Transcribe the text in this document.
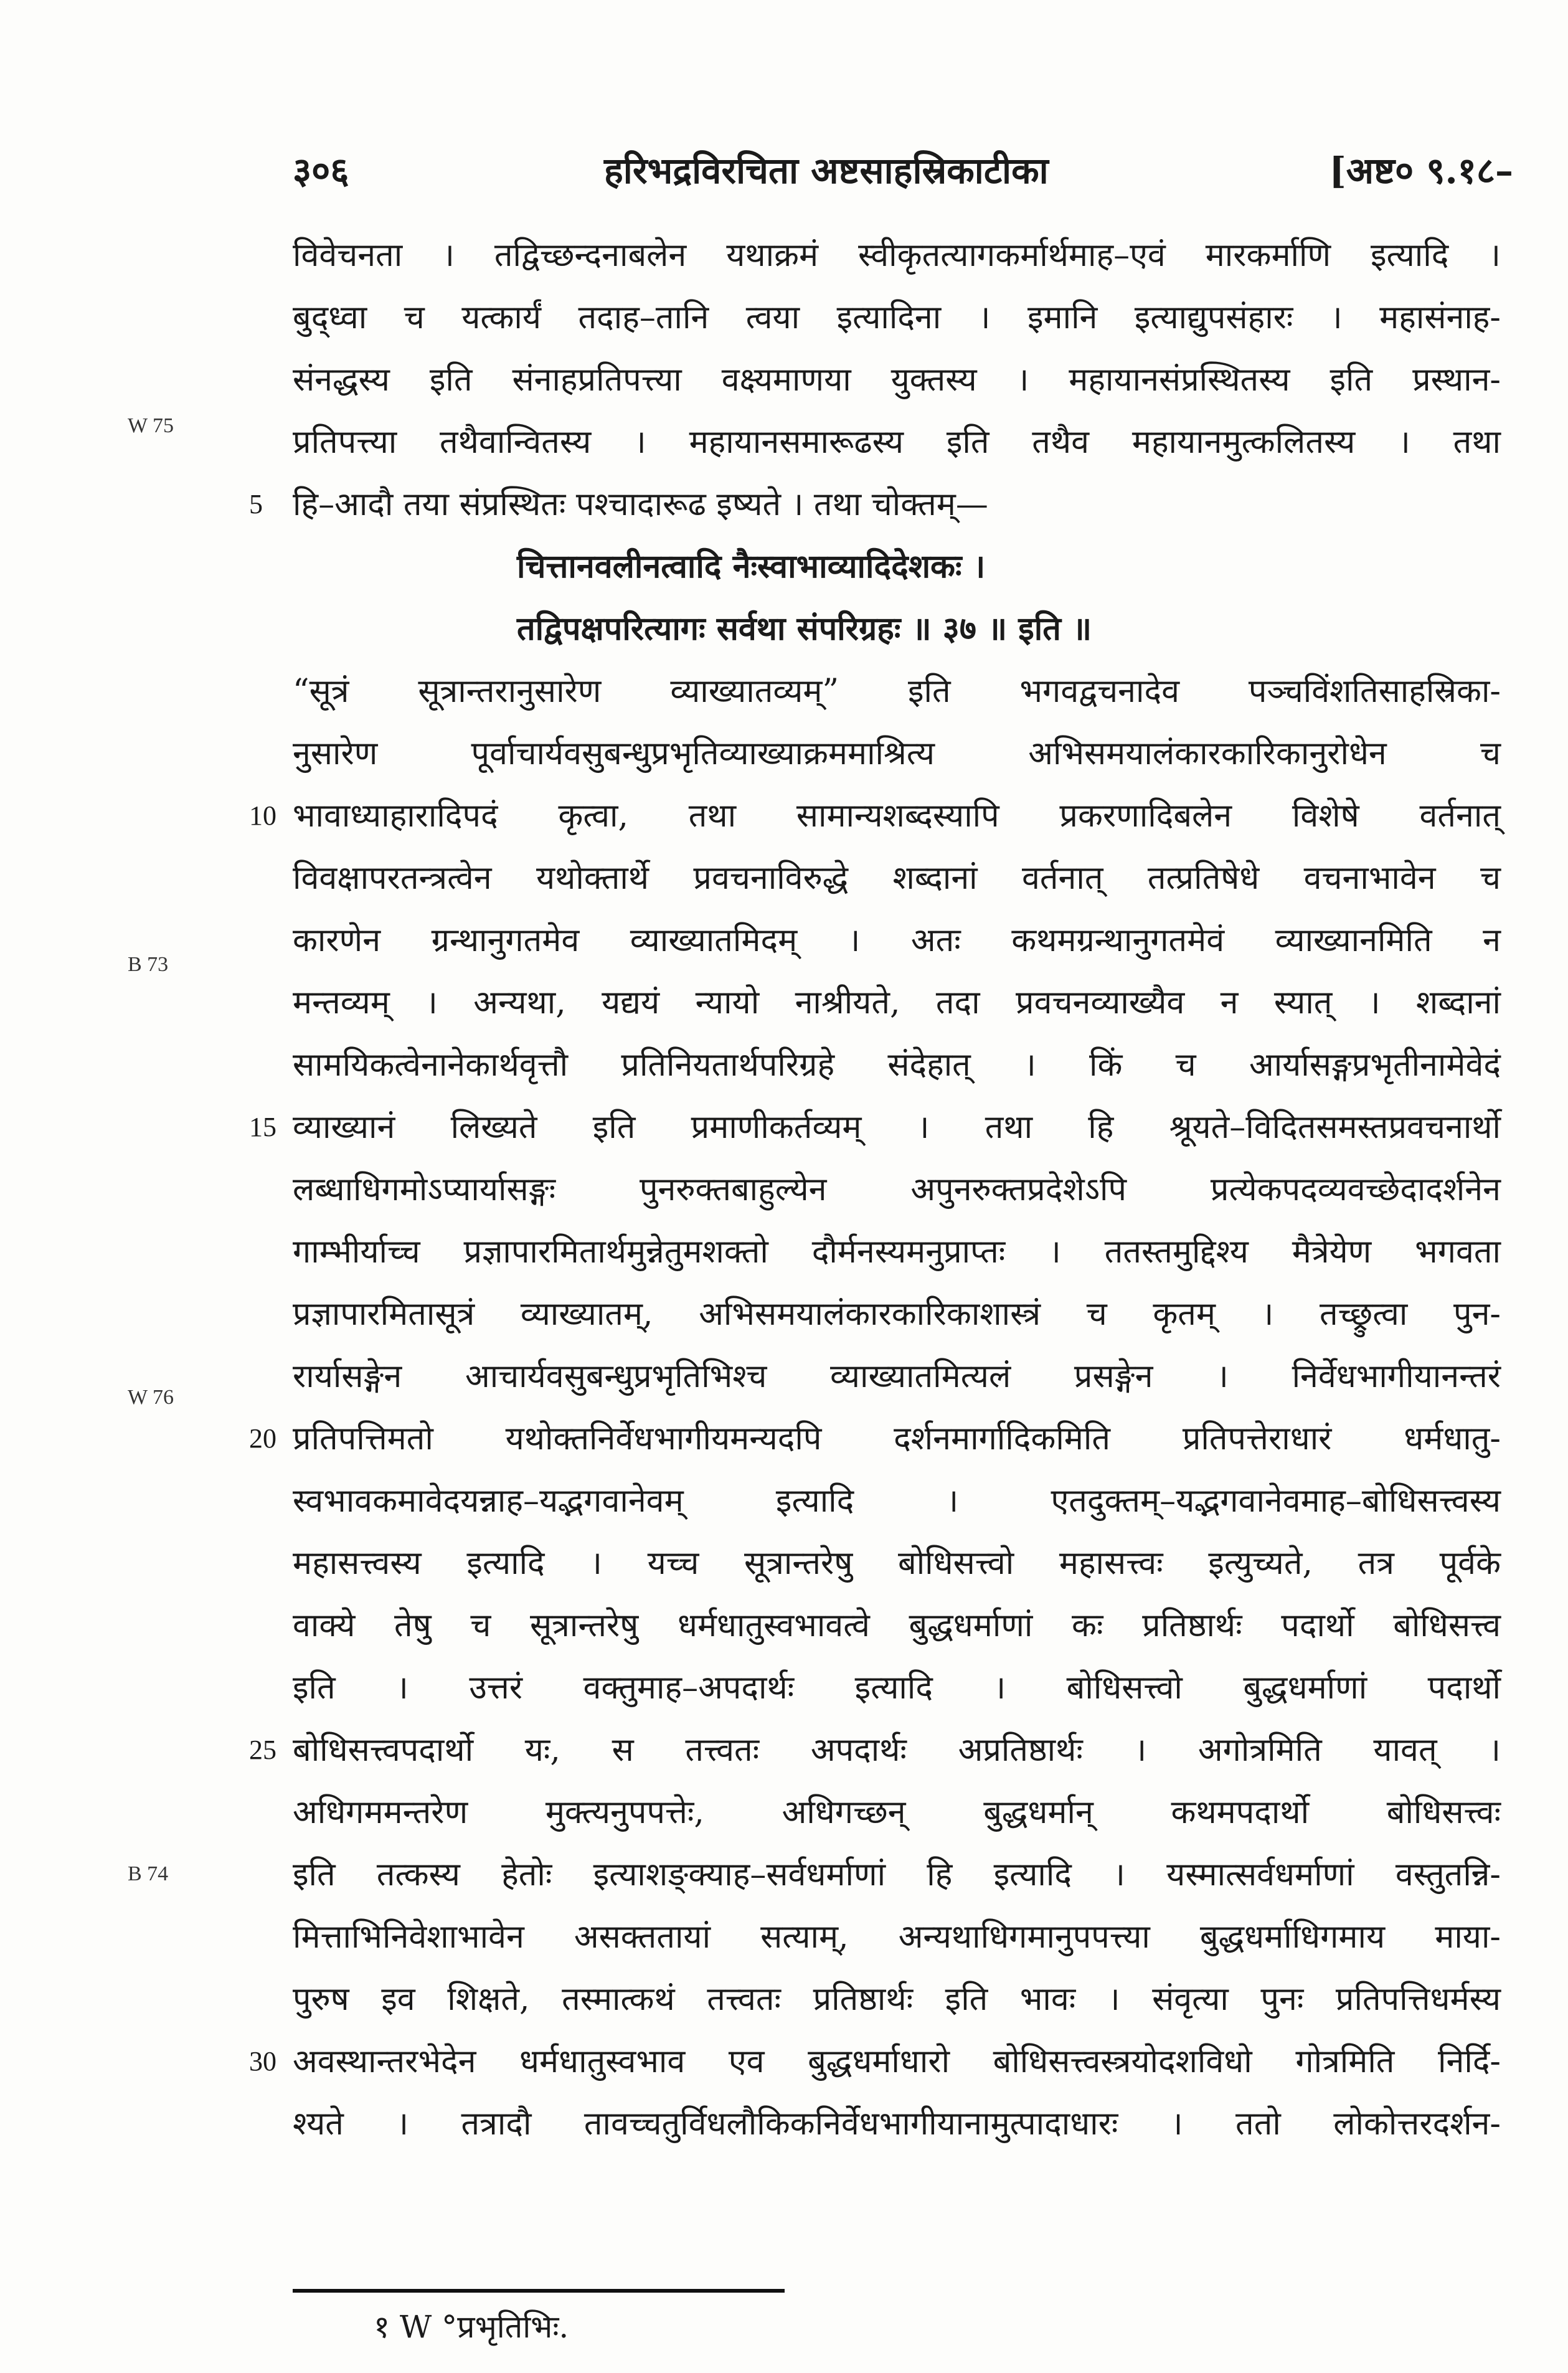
३०६	हरिभद्रविरचिता अष्टसाहस्रिकाटीका	[अष्ट० ९.१८–
W 75
B 73
W 76
B 74
विवेचनता । तद्विच्छन्दनाबलेन यथाक्रमं स्वीकृतत्यागकर्मार्थमाह–एवं मारकर्माणि इत्यादि ।
बुद्ध्वा च यत्कार्यं तदाह–तानि त्वया इत्यादिना । इमानि इत्याद्युपसंहारः । महासंनाह-
संनद्धस्य इति संनाहप्रतिपत्त्या वक्ष्यमाणया युक्तस्य । महायानसंप्रस्थितस्य इति प्रस्थान-
प्रतिपत्त्या तथैवान्वितस्य । महायानसमारूढस्य इति तथैव महायानमुत्कलितस्य । तथा
हि–आदौ तया संप्रस्थितः पश्चादारूढ इष्यते । तथा चोक्तम्—
5
चित्तानवलीनत्वादि नैःस्वाभाव्यादिदेशकः ।
तद्विपक्षपरित्यागः सर्वथा संपरिग्रहः ॥ ३७ ॥ इति ॥
“सूत्रं सूत्रान्तरानुसारेण व्याख्यातव्यम्” इति भगवद्वचनादेव पञ्चविंशतिसाहस्रिका-
नुसारेण पूर्वाचार्यवसुबन्धुप्रभृतिव्याख्याक्रममाश्रित्य अभिसमयालंकारकारिकानुरोधेन च
भावाध्याहारादिपदं कृत्वा, तथा सामान्यशब्दस्यापि प्रकरणादिबलेन विशेषे वर्तनात्
10
विवक्षापरतन्त्रत्वेन यथोक्तार्थे प्रवचनाविरुद्धे शब्दानां वर्तनात् तत्प्रतिषेधे वचनाभावेन च
कारणेन ग्रन्थानुगतमेव व्याख्यातमिदम् । अतः कथमग्रन्थानुगतमेवं व्याख्यानमिति न
मन्तव्यम् । अन्यथा, यद्ययं न्यायो नाश्रीयते, तदा प्रवचनव्याख्यैव न स्यात् । शब्दानां
सामयिकत्वेनानेकार्थवृत्तौ प्रतिनियतार्थपरिग्रहे संदेहात् । किं च आर्यासङ्गप्रभृतीनामेवेदं
व्याख्यानं लिख्यते इति प्रमाणीकर्तव्यम् । तथा हि श्रूयते–विदितसमस्तप्रवचनार्थो
15
लब्धाधिगमोऽप्यार्यासङ्गः पुनरुक्तबाहुल्येन अपुनरुक्तप्रदेशेऽपि प्रत्येकपदव्यवच्छेदादर्शनेन
गाम्भीर्याच्च प्रज्ञापारमितार्थमुन्नेतुमशक्तो दौर्मनस्यमनुप्राप्तः । ततस्तमुद्दिश्य मैत्रेयेण भगवता
प्रज्ञापारमितासूत्रं व्याख्यातम्, अभिसमयालंकारकारिकाशास्त्रं च कृतम् । तच्छ्रुत्वा पुन-
रार्यासङ्गेन आचार्यवसुबन्धुप्रभृतिभिश्च व्याख्यातमित्यलं प्रसङ्गेन । निर्वेधभागीयानन्तरं
प्रतिपत्तिमतो यथोक्तनिर्वेधभागीयमन्यदपि दर्शनमार्गादिकमिति प्रतिपत्तेराधारं धर्मधातु-
20
स्वभावकमावेदयन्नाह–यद्भगवानेवम् इत्यादि । एतदुक्तम्–यद्भगवानेवमाह–बोधिसत्त्वस्य
महासत्त्वस्य इत्यादि । यच्च सूत्रान्तरेषु बोधिसत्त्वो महासत्त्वः इत्युच्यते, तत्र पूर्वके
वाक्ये तेषु च सूत्रान्तरेषु धर्मधातुस्वभावत्वे बुद्धधर्माणां कः प्रतिष्ठार्थः पदार्थो बोधिसत्त्व
इति । उत्तरं वक्तुमाह–अपदार्थः इत्यादि । बोधिसत्त्वो बुद्धधर्माणां पदार्थो
बोधिसत्त्वपदार्थो यः, स तत्त्वतः अपदार्थः अप्रतिष्ठार्थः । अगोत्रमिति यावत् ।
25
अधिगममन्तरेण मुक्त्यनुपपत्तेः, अधिगच्छन् बुद्धधर्मान् कथमपदार्थो बोधिसत्त्वः
इति तत्कस्य हेतोः इत्याशङ्क्याह–सर्वधर्माणां हि इत्यादि । यस्मात्सर्वधर्माणां वस्तुतन्नि-
मित्ताभिनिवेशाभावेन असक्ततायां सत्याम्, अन्यथाधिगमानुपपत्त्या बुद्धधर्माधिगमाय माया-
पुरुष इव शिक्षते, तस्मात्कथं तत्त्वतः प्रतिष्ठार्थः इति भावः । संवृत्या पुनः प्रतिपत्तिधर्मस्य
अवस्थान्तरभेदेन धर्मधातुस्वभाव एव बुद्धधर्माधारो बोधिसत्त्वस्त्रयोदशविधो गोत्रमिति निर्दि-
30
श्यते । तत्रादौ तावच्चतुर्विधलौकिकनिर्वेधभागीयानामुत्पादाधारः । ततो लोकोत्तरदर्शन-
१ W °प्रभृतिभिः.
